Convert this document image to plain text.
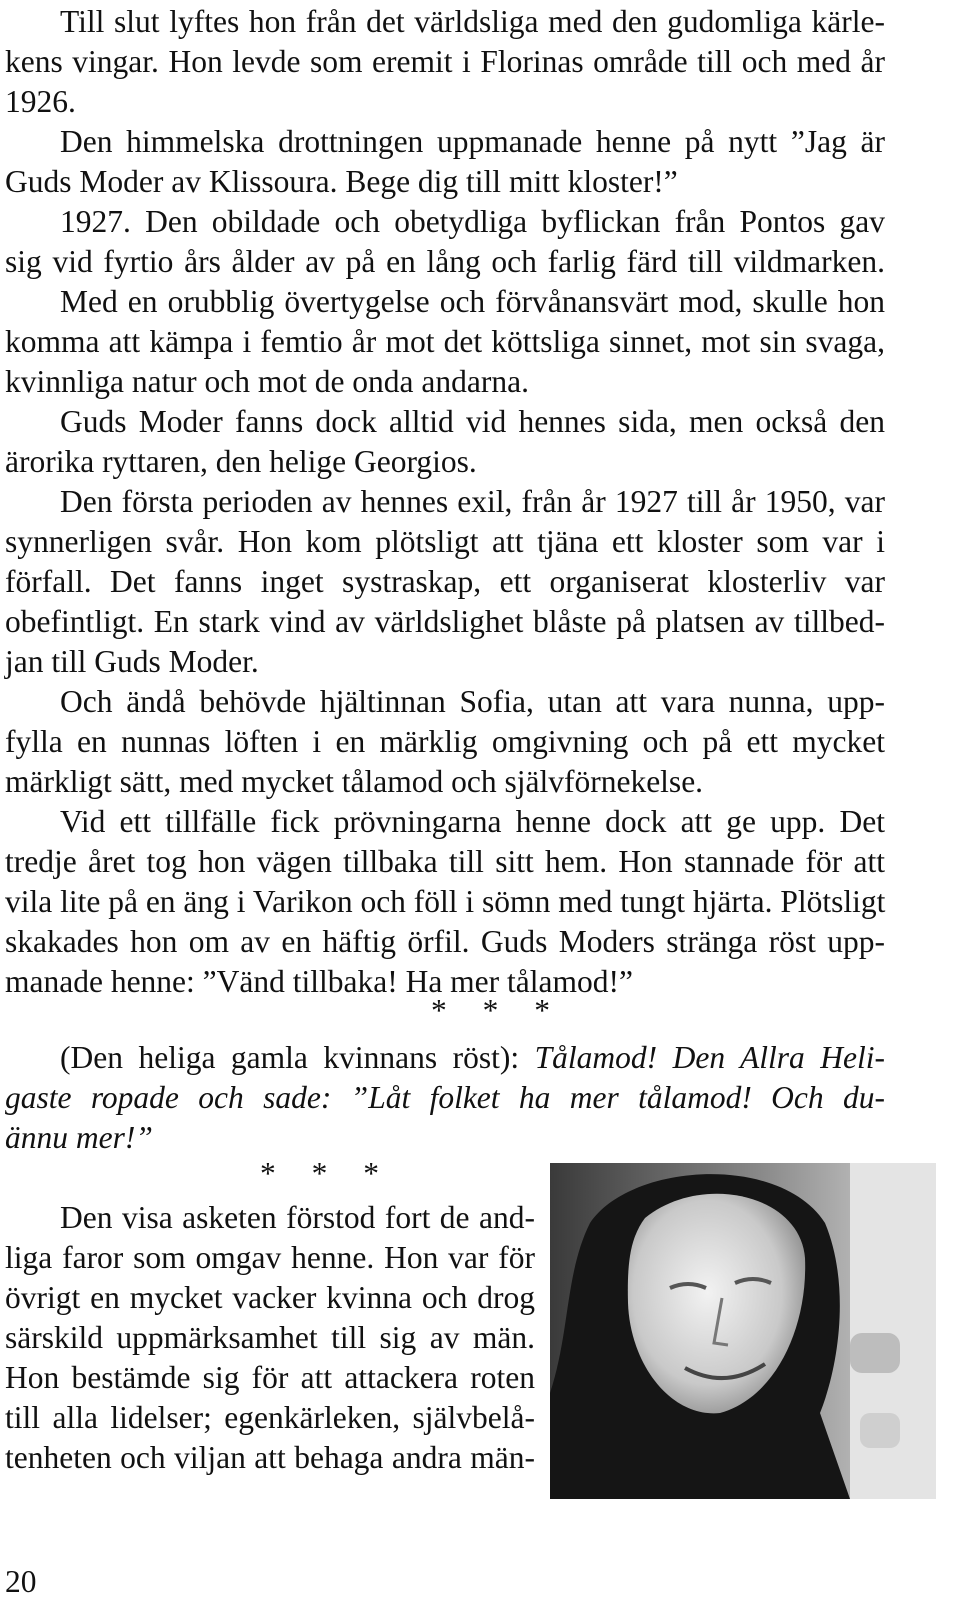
Till slut lyftes hon från det världsliga med den gudomliga kärle-
kens vingar. Hon levde som eremit i Florinas område till och med år
1926.
Den himmelska drottningen uppmanade henne på nytt ”Jag är
Guds Moder av Klissoura. Bege dig till mitt kloster!”
1927. Den obildade och obetydliga byflickan från Pontos gav
sig vid fyrtio års ålder av på en lång och farlig färd till vildmarken.
Med en orubblig övertygelse och förvånansvärt mod, skulle hon
komma att kämpa i femtio år mot det köttsliga sinnet, mot sin svaga,
kvinnliga natur och mot de onda andarna.
Guds Moder fanns dock alltid vid hennes sida, men också den
ärorika ryttaren, den helige Georgios.
Den första perioden av hennes exil, från år 1927 till år 1950, var
synnerligen svår. Hon kom plötsligt att tjäna ett kloster som var i
förfall. Det fanns inget systraskap, ett organiserat klosterliv var
obefintligt. En stark vind av världslighet blåste på platsen av tillbed-
jan till Guds Moder.
Och ändå behövde hjältinnan Sofia, utan att vara nunna, upp-
fylla en nunnas löften i en märklig omgivning och på ett mycket
märkligt sätt, med mycket tålamod och självförnekelse.
Vid ett tillfälle fick prövningarna henne dock att ge upp. Det
tredje året tog hon vägen tillbaka till sitt hem. Hon stannade för att
vila lite på en äng i Varikon och föll i sömn med tungt hjärta. Plötsligt
skakades hon om av en häftig örfil. Guds Moders stränga röst upp-
manade henne: ”Vänd tillbaka! Ha mer tålamod!”
* * *
(Den heliga gamla kvinnans röst): Tålamod! Den Allra Heli-
gaste ropade och sade: ”Låt folket ha mer tålamod! Och du-
ännu mer!”
* * *
Den visa asketen förstod fort de and-
liga faror som omgav henne. Hon var för
övrigt en mycket vacker kvinna och drog
särskild uppmärksamhet till sig av män.
Hon bestämde sig för att attackera roten
till alla lidelser; egenkärleken, självbelå-
tenheten och viljan att behaga andra män-
20
